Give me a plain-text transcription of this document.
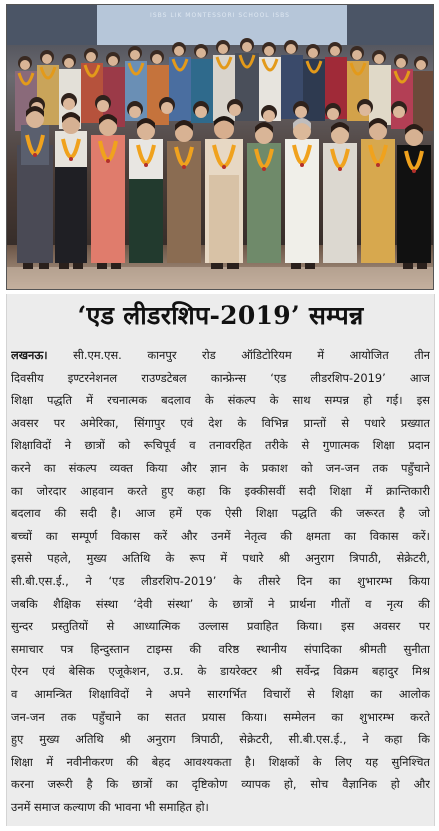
ISBS LIK MONTESSORI SCHOOL ISBS
‘एड लीडरशिप-2019’ सम्पन्न
लखनऊ। सी.एम.एस. कानपुर रोड ऑडिटोरियम में आयोजित तीन
दिवसीय इण्टरनेशनल राउण्डटेबल कान्फ्रेन्स ‘एड लीडरशिप-2019’ आज
शिक्षा पद्धति में रचनात्मक बदलाव के संकल्प के साथ सम्पन्न हो गई। इस
अवसर पर अमेरिका, सिंगापुर एवं देश के विभिन्न प्रान्तों से पधारे प्रख्यात
शिक्षाविदों ने छात्रों को रूचिपूर्व व तनावरहित तरीके से गुणात्मक शिक्षा प्रदान
करने का संकल्प व्यक्त किया और ज्ञान के प्रकाश को जन-जन तक पहुँचाने
का जोरदार आहवान करते हुए कहा कि इक्कीसवीं सदी शिक्षा में क्रान्तिकारी
बदलाव की सदी है। आज हमें एक ऐसी शिक्षा पद्धति की जरूरत है जो
बच्चों का सम्पूर्ण विकास करें और उनमें नेतृत्व की क्षमता का विकास करें।
इससे पहले, मुख्य अतिथि के रूप में पधारे श्री अनुराग त्रिपाठी, सेक्रेटरी,
सी.बी.एस.ई., ने ‘एड लीडरशिप-2019’ के तीसरे दिन का शुभारम्भ किया
जबकि शैक्षिक संस्था ‘देवी संस्था’ के छात्रों ने प्रार्थना गीतों व नृत्य की
सुन्दर प्रस्तुतियों से आध्यात्मिक उल्लास प्रवाहित किया। इस अवसर पर
समाचार पत्र हिन्दुस्तान टाइम्स की वरिष्ठ स्थानीय संपादिका श्रीमती सुनीता
ऐरन एवं बेसिक एजूकेशन, उ.प्र. के डायरेक्टर श्री सर्वेन्द्र विक्रम बहादुर मिश्र
व आमन्त्रित शिक्षाविदों ने अपने सारगर्भित विचारों से शिक्षा का आलोक
जन-जन तक पहुँचाने का सतत प्रयास किया। सम्मेलन का शुभारम्भ करते
हुए मुख्य अतिथि श्री अनुराग त्रिपाठी, सेक्रेटरी, सी.बी.एस.ई., ने कहा कि
शिक्षा में नवीनीकरण की बेहद आवश्यकता है। शिक्षकों के लिए यह सुनिश्चित
करना जरूरी है कि छात्रों का दृष्टिकोण व्यापक हो, सोच वैज्ञानिक हो और
उनमें समाज कल्याण की भावना भी समाहित हो।
